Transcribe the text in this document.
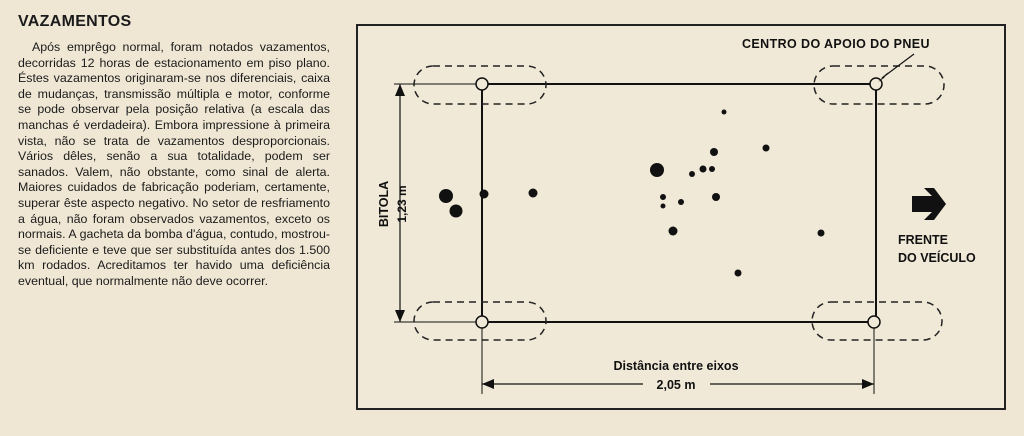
VAZAMENTOS

Após emprêgo normal, foram notados vazamentos, decorridas 12 horas de estacionamento em piso plano. Éstes vazamentos originaram-se nos diferenciais, caixa de mudanças, transmissão múltipla e motor, conforme se pode observar pela posição relativa (a escala das manchas é verdadeira). Embora impressione à primeira vista, não se trata de vazamentos desproporcionais. Vários dêles, senão a sua totalidade, podem ser sanados. Valem, não obstante, como sinal de alerta. Maiores cuidados de fabricação poderiam, certamente, superar êste aspecto negativo. No setor de resfriamento a água, não foram observados vazamentos, exceto os normais. A gacheta da bomba d'água, contudo, mostrou-se deficiente e teve que ser substituída antes dos 1.500 km rodados. Acreditamos ter havido uma deficiência eventual, que normalmente não deve ocorrer.

CENTRO DO APOIO DO PNEU
BITOLA 1,23 m
Distância entre eixos
2,05 m
FRENTE
DO VEÍCULO
